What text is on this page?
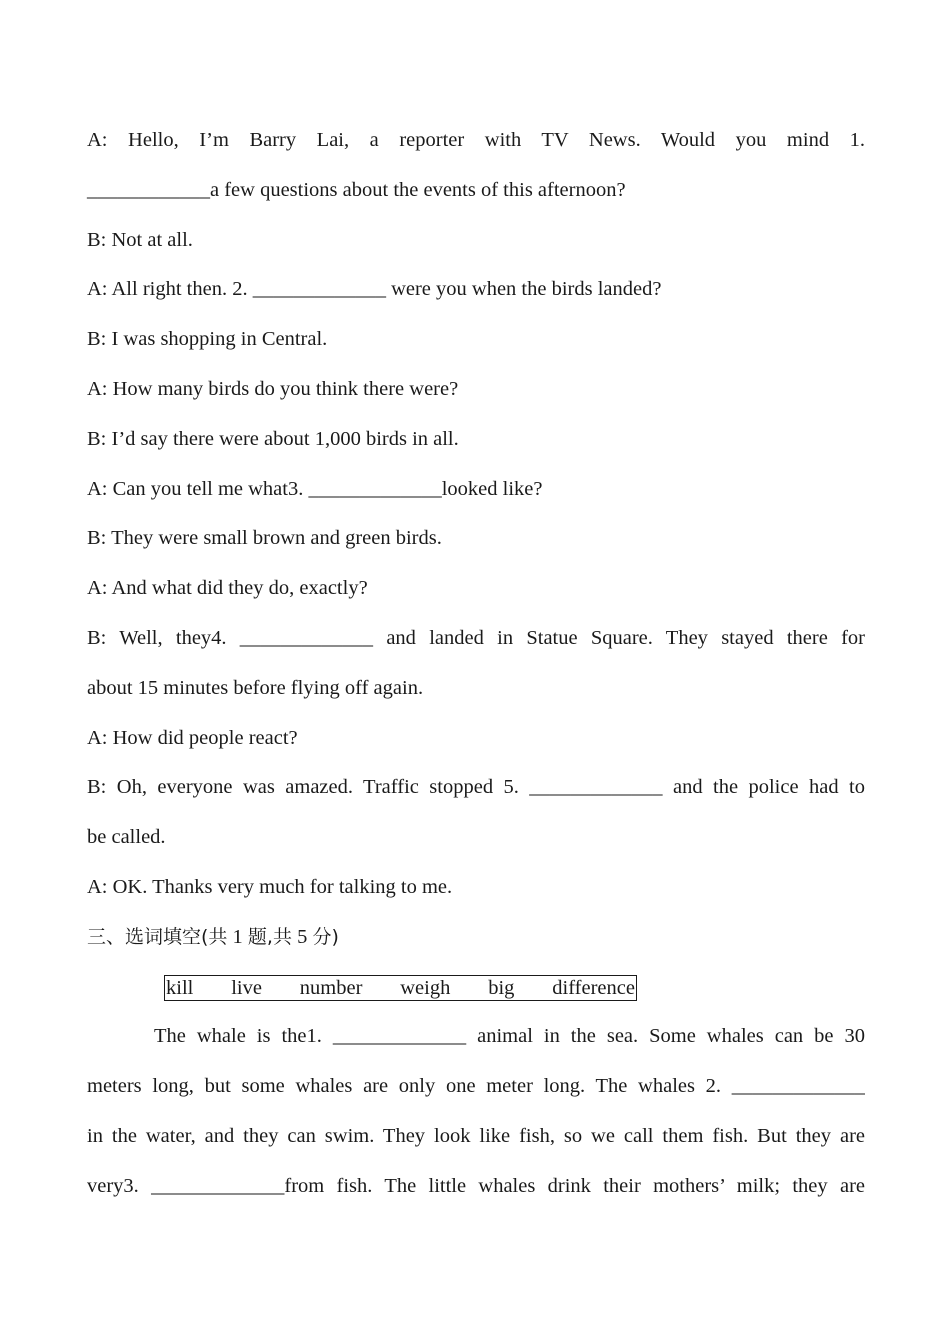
A: Hello, I’m Barry Lai, a reporter with TV News. Would you mind 1.
____________a few questions about the events of this afternoon?
B: Not at all.
A: All right then. 2. _____________ were you when the birds landed?
B: I was shopping in Central.
A: How many birds do you think there were?
B: I’d say there were about 1,000 birds in all.
A: Can you tell me what3. _____________looked like?
B: They were small brown and green birds.
A: And what did they do, exactly?
B: Well, they4. _____________ and landed in Statue Square. They stayed there for
about 15 minutes before flying off again.
A: How did people react?
B: Oh, everyone was amazed. Traffic stopped 5. _____________ and the police had to
be called.
A: OK. Thanks very much for talking to me.
三、选词填空(共 1 题,共 5 分)
kill live number weigh big difference
The whale is the1. _____________ animal in the sea. Some whales can be 30
meters long, but some whales are only one meter long. The whales 2. _____________
in the water, and they can swim. They look like fish, so we call them fish. But they are
very3. _____________from fish. The little whales drink their mothers’ milk; they are
